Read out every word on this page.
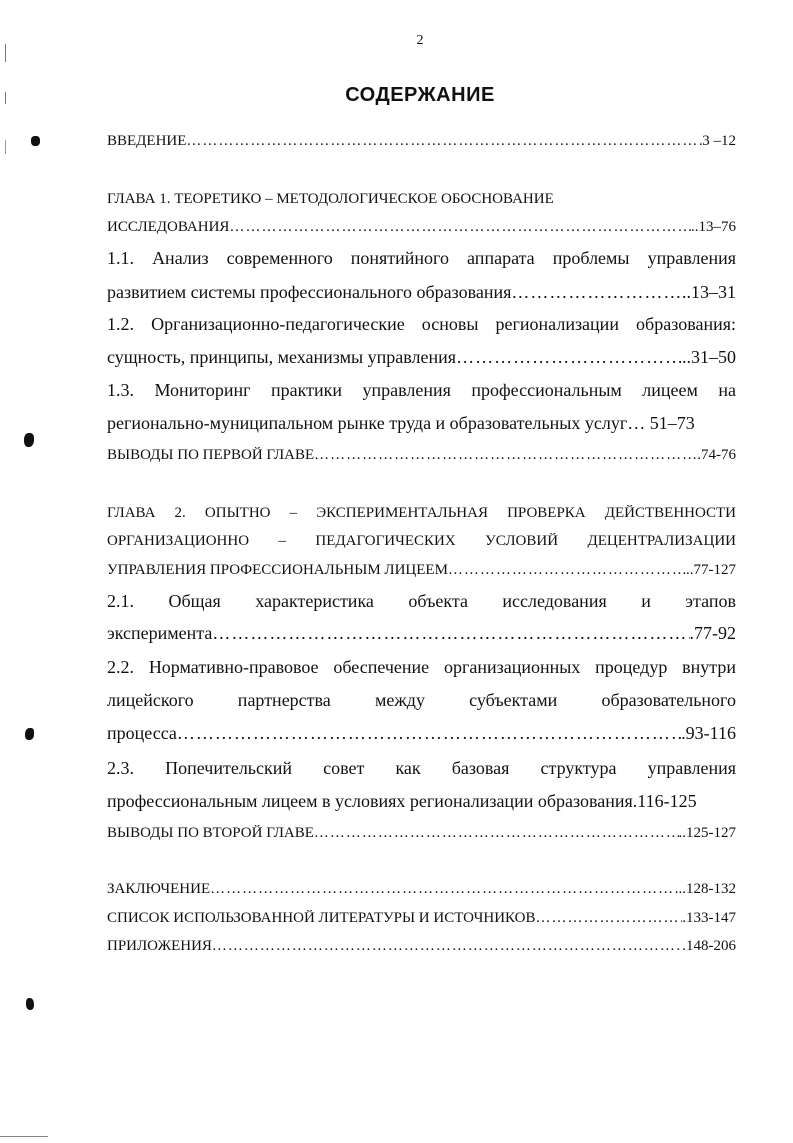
2
СОДЕРЖАНИЕ
ВВЕДЕНИЕ …………………………………………………………………………………………………………………………………………………………………………………………	3 –12
ГЛАВА 1. ТЕОРЕТИКО – МЕТОДОЛОГИЧЕСКОЕ ОБОСНОВАНИЕ
ИССЛЕДОВАНИЯ …………………………………………………………………………………………………………………………………………………………………………………………	..13–76
1.1. Анализ современного понятийного аппарата проблемы управления
развитием системы профессионального образования …………………………………………………………………………………………………………………………………………………………………………………………	..13–31
1.2. Организационно-педагогические основы регионализации образования:
сущность, принципы, механизмы управления …………………………………………………………………………………………………………………………………………………………………………………………	..31–50
1.3. Мониторинг практики управления профессиональным лицеем на
регионально-муниципальном рынке труда и образовательных услуг… 51–73
ВЫВОДЫ ПО ПЕРВОЙ ГЛАВЕ …………………………………………………………………………………………………………………………………………………………………………………………	.74-76
ГЛАВА 2. ОПЫТНО – ЭКСПЕРИМЕНТАЛЬНАЯ ПРОВЕРКА ДЕЙСТВЕННОСТИ
ОРГАНИЗАЦИОННО – ПЕДАГОГИЧЕСКИХ УСЛОВИЙ ДЕЦЕНТРАЛИЗАЦИИ
УПРАВЛЕНИЯ ПРОФЕССИОНАЛЬНЫМ ЛИЦЕЕМ …………………………………………………………………………………………………………………………………………………………………………………………	..77-127
2.1. Общая характеристика объекта исследования и этапов
эксперимента …………………………………………………………………………………………………………………………………………………………………………………………	.77-92
2.2. Нормативно-правовое обеспечение организационных процедур внутри
лицейского партнерства между субъектами образовательного
процесса …………………………………………………………………………………………………………………………………………………………………………………………	.93-116
2.3. Попечительский совет как базовая структура управления
профессиональным лицеем в условиях регионализации образования.116-125
ВЫВОДЫ ПО ВТОРОЙ ГЛАВЕ …………………………………………………………………………………………………………………………………………………………………………………………	..125-127
ЗАКЛЮЧЕНИЕ …………………………………………………………………………………………………………………………………………………………………………………………	..128-132
СПИСОК ИСПОЛЬЗОВАННОЙ ЛИТЕРАТУРЫ И ИСТОЧНИКОВ …………………………………………………………………………………………………………………………………………………………………………………………	.133-147
ПРИЛОЖЕНИЯ …………………………………………………………………………………………………………………………………………………………………………………………	.148-206
